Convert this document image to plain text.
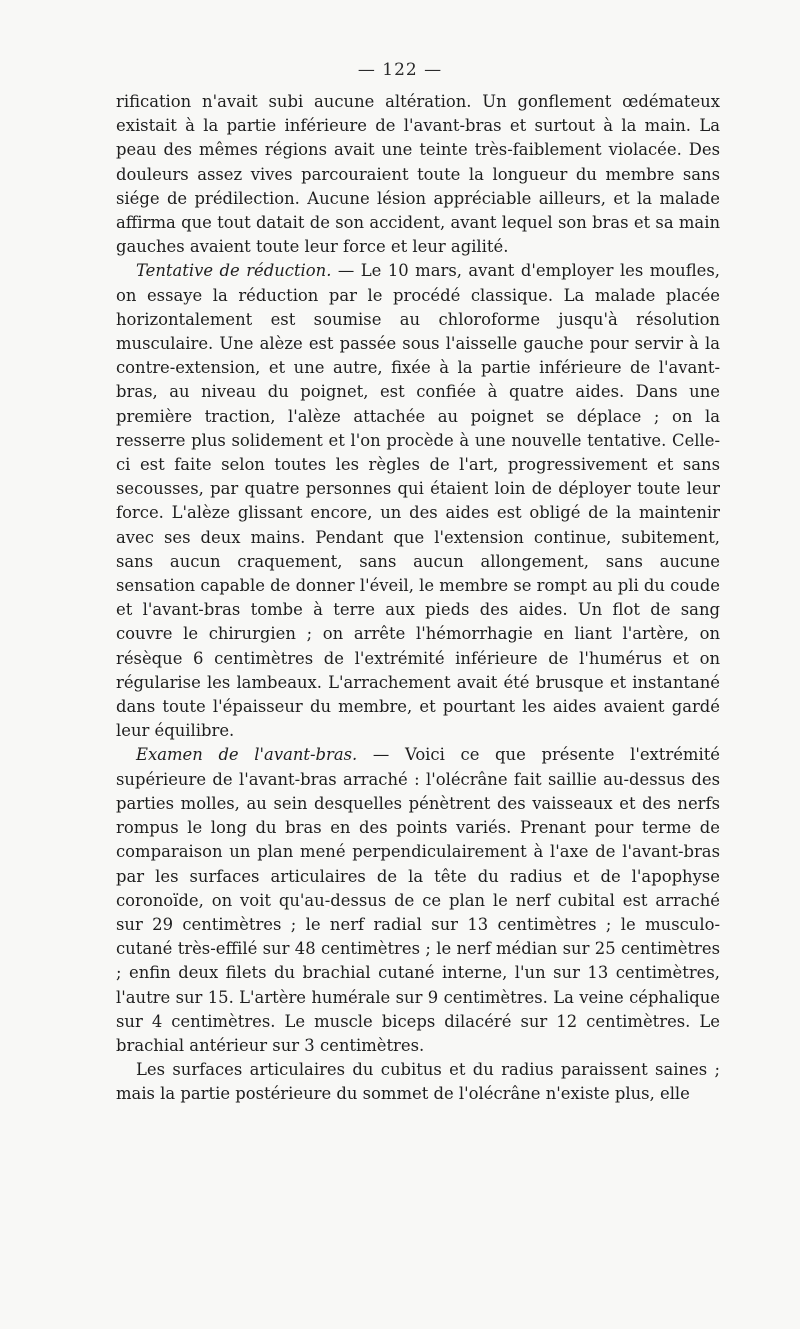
— 122 —

rification n'avait subi aucune altération. Un gonflement œdémateux existait à la partie inférieure de l'avant-bras et surtout à la main. La peau des mêmes régions avait une teinte très-faiblement violacée. Des douleurs assez vives parcouraient toute la longueur du membre sans siége de prédilection. Aucune lésion appréciable ailleurs, et la malade affirma que tout datait de son accident, avant lequel son bras et sa main gauches avaient toute leur force et leur agilité.

Tentative de réduction. — Le 10 mars, avant d'employer les moufles, on essaye la réduction par le procédé classique. La malade placée horizontalement est soumise au chloroforme jusqu'à résolution musculaire. Une alèze est passée sous l'aisselle gauche pour servir à la contre-extension, et une autre, fixée à la partie inférieure de l'avant-bras, au niveau du poignet, est confiée à quatre aides. Dans une première traction, l'alèze attachée au poignet se déplace ; on la resserre plus solidement et l'on procède à une nouvelle tentative. Celle-ci est faite selon toutes les règles de l'art, progressivement et sans secousses, par quatre personnes qui étaient loin de déployer toute leur force. L'alèze glissant encore, un des aides est obligé de la maintenir avec ses deux mains. Pendant que l'extension continue, subitement, sans aucun craquement, sans aucun allongement, sans aucune sensation capable de donner l'éveil, le membre se rompt au pli du coude et l'avant-bras tombe à terre aux pieds des aides. Un flot de sang couvre le chirurgien ; on arrête l'hémorrhagie en liant l'artère, on résèque 6 centimètres de l'extrémité inférieure de l'humérus et on régularise les lambeaux. L'arrachement avait été brusque et instantané dans toute l'épaisseur du membre, et pourtant les aides avaient gardé leur équilibre.

Examen de l'avant-bras. — Voici ce que présente l'extrémité supérieure de l'avant-bras arraché : l'olécrâne fait saillie au-dessus des parties molles, au sein desquelles pénètrent des vaisseaux et des nerfs rompus le long du bras en des points variés. Prenant pour terme de comparaison un plan mené perpendiculairement à l'axe de l'avant-bras par les surfaces articulaires de la tête du radius et de l'apophyse coronoïde, on voit qu'au-dessus de ce plan le nerf cubital est arraché sur 29 centimètres ; le nerf radial sur 13 centimètres ; le musculo-cutané très-effilé sur 48 centimètres ; le nerf médian sur 25 centimètres ; enfin deux filets du brachial cutané interne, l'un sur 13 centimètres, l'autre sur 15. L'artère humérale sur 9 centimètres. La veine céphalique sur 4 centimètres. Le muscle biceps dilacéré sur 12 centimètres. Le brachial antérieur sur 3 centimètres.

Les surfaces articulaires du cubitus et du radius paraissent saines ; mais la partie postérieure du sommet de l'olécrâne n'existe plus, elle
